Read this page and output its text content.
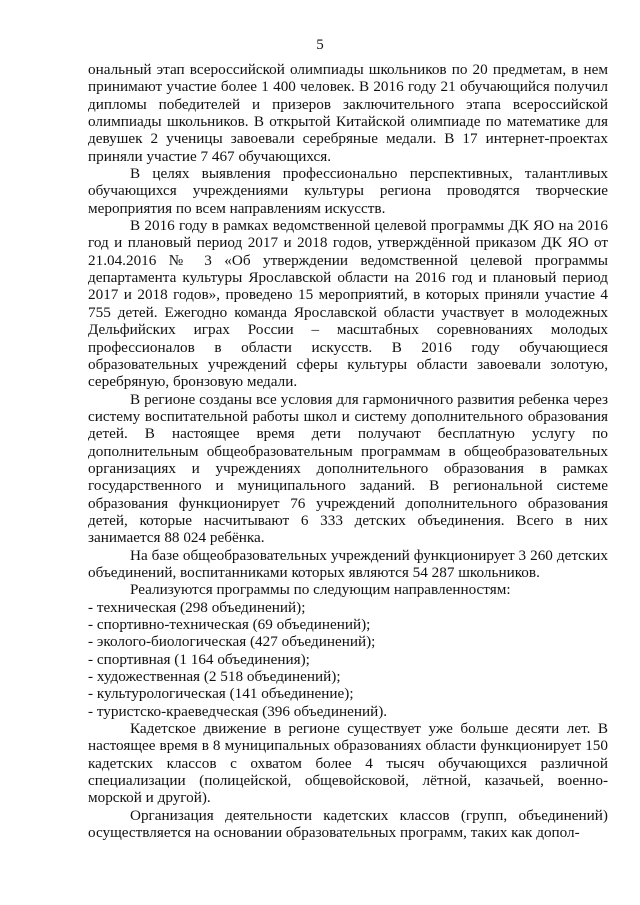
5

ональный этап всероссийской олимпиады школьников по 20 предметам, в нем принимают участие более 1 400 человек. В 2016 году 21 обучающийся получил дипломы победителей и призеров заключительного этапа всероссийской олимпиады школьников. В открытой Китайской олимпиаде по математике для девушек 2 ученицы завоевали серебряные медали. В 17 интернет-проектах приняли участие 7 467 обучающихся.

В целях выявления профессионально перспективных, талантливых обучающихся учреждениями культуры региона проводятся творческие мероприятия по всем направлениям искусств.

В 2016 году в рамках ведомственной целевой программы ДК ЯО на 2016 год и плановый период 2017 и 2018 годов, утверждённой приказом ДК ЯО от 21.04.2016 № 3 «Об утверждении ведомственной целевой программы департамента культуры Ярославской области на 2016 год и плановый период 2017 и 2018 годов», проведено 15 мероприятий, в которых приняли участие 4 755 детей. Ежегодно команда Ярославской области участвует в молодежных Дельфийских играх России – масштабных соревнованиях молодых профессионалов в области искусств. В 2016 году обучающиеся образовательных учреждений сферы культуры области завоевали золотую, серебряную, бронзовую медали.

В регионе созданы все условия для гармоничного развития ребенка через систему воспитательной работы школ и систему дополнительного образования детей. В настоящее время дети получают бесплатную услугу по дополнительным общеобразовательным программам в общеобразовательных организациях и учреждениях дополнительного образования в рамках государственного и муниципального заданий. В региональной системе образования функционирует 76 учреждений дополнительного образования детей, которые насчитывают 6 333 детских объединения. Всего в них занимается 88 024 ребёнка.

На базе общеобразовательных учреждений функционирует 3 260 детских объединений, воспитанниками которых являются 54 287 школьников.

Реализуются программы по следующим направленностям:

- техническая (298 объединений);

- спортивно-техническая (69 объединений);

- эколого-биологическая (427 объединений);

- спортивная (1 164 объединения);

- художественная (2 518 объединений);

- культурологическая (141 объединение);

- туристско-краеведческая (396 объединений).

Кадетское движение в регионе существует уже больше десяти лет. В настоящее время в 8 муниципальных образованиях области функционирует 150 кадетских классов с охватом более 4 тысяч обучающихся различной специализации (полицейской, общевойсковой, лётной, казачьей, военно-морской и другой).

Организация деятельности кадетских классов (групп, объединений) осуществляется на основании образовательных программ, таких как допол-
